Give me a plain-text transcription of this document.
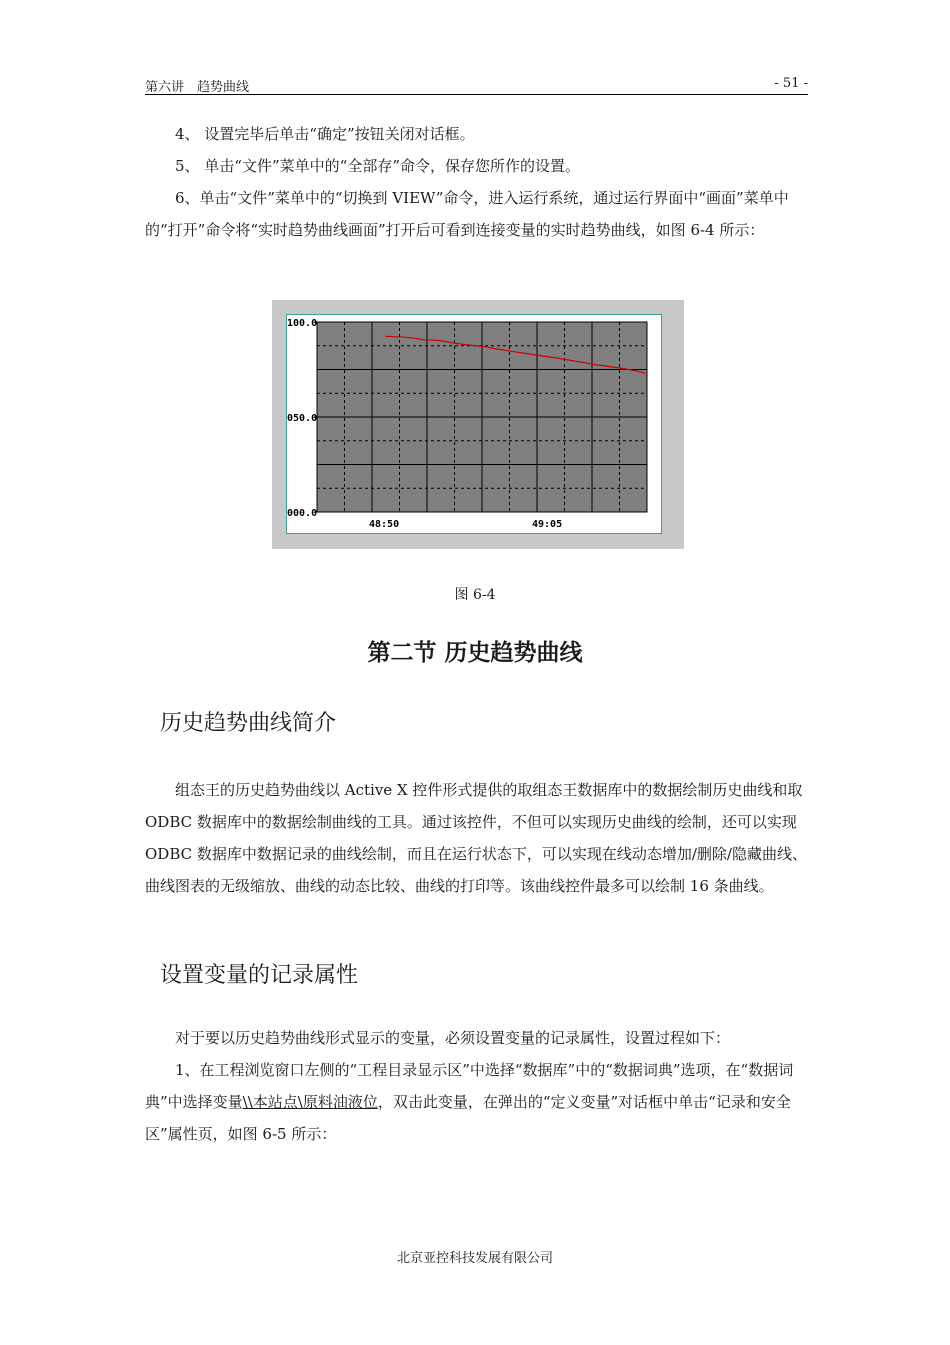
第六讲　趋势曲线	- 51 -
4、 设置完毕后单击“确定”按钮关闭对话框。
5、 单击“文件”菜单中的“全部存”命令，保存您所作的设置。
6、单击“文件”菜单中的“切换到 VIEW”命令，进入运行系统，通过运行界面中“画面”菜单中的“打开”命令将“实时趋势曲线画面”打开后可看到连接变量的实时趋势曲线，如图 6-4 所示：
100.0
050.0
000.0
48:50	49:05
图 6-4
第二节 历史趋势曲线
历史趋势曲线简介
组态王的历史趋势曲线以 Active X 控件形式提供的取组态王数据库中的数据绘制历史曲线和取 ODBC 数据库中的数据绘制曲线的工具。通过该控件，不但可以实现历史曲线的绘制，还可以实现 ODBC 数据库中数据记录的曲线绘制，而且在运行状态下，可以实现在线动态增加/删除/隐藏曲线、曲线图表的无级缩放、曲线的动态比较、曲线的打印等。该曲线控件最多可以绘制 16 条曲线。
设置变量的记录属性
对于要以历史趋势曲线形式显示的变量，必须设置变量的记录属性，设置过程如下：
1、在工程浏览窗口左侧的“工程目录显示区”中选择“数据库”中的“数据词典”选项，在“数据词典”中选择变量\\本站点\原料油液位，双击此变量，在弹出的“定义变量”对话框中单击“记录和安全区”属性页，如图 6-5 所示：
北京亚控科技发展有限公司
